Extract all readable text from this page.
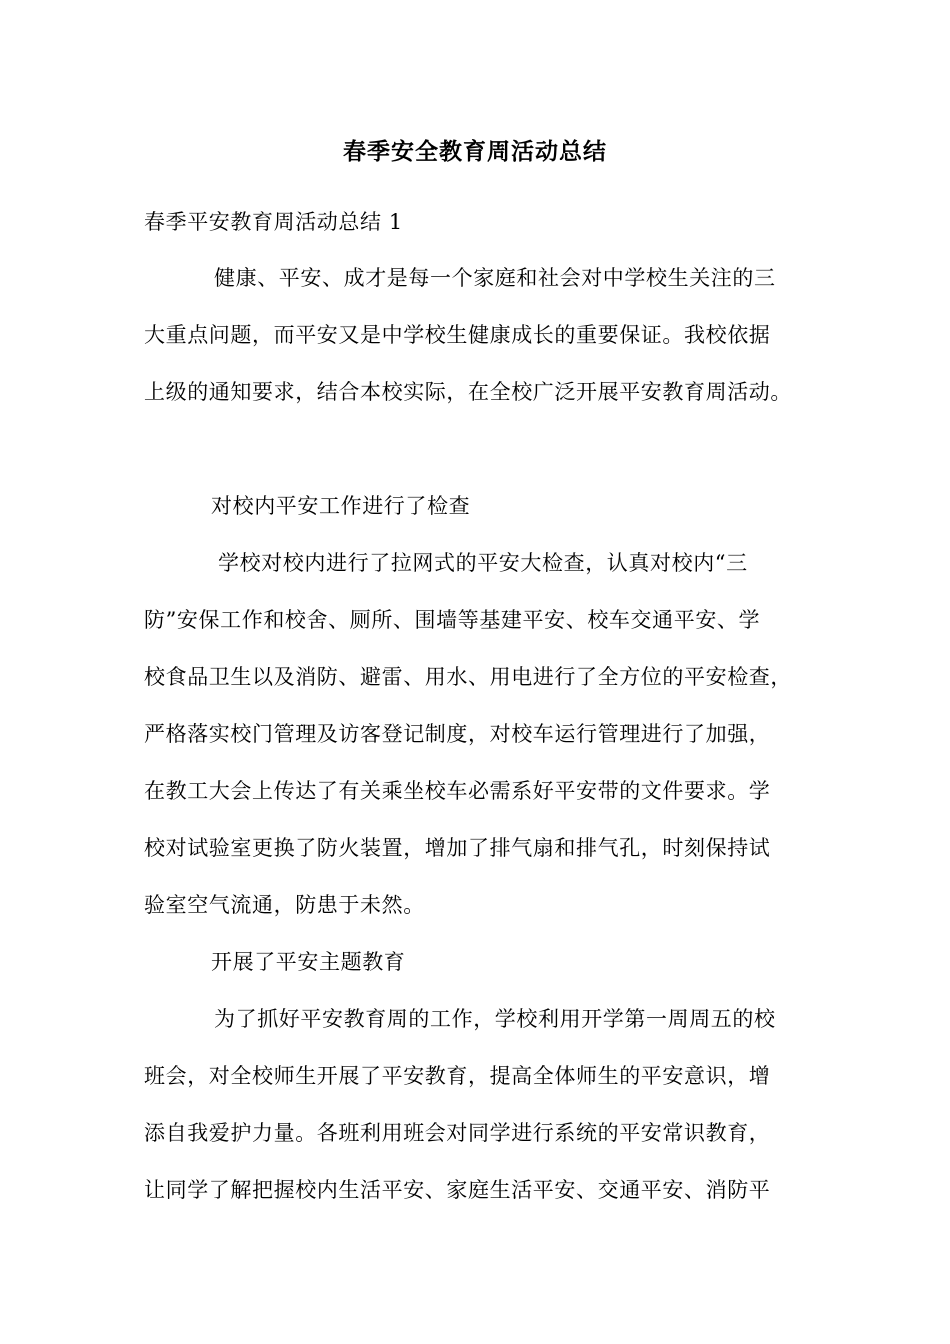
春季安全教育周活动总结
春季平安教育周活动总结 1
健康、平安、成才是每一个家庭和社会对中学校生关注的三
大重点问题，而平安又是中学校生健康成长的重要保证。我校依据
上级的通知要求，结合本校实际，在全校广泛开展平安教育周活动。
对校内平安工作进行了检查
学校对校内进行了拉网式的平安大检查，认真对校内“三
防”安保工作和校舍、厕所、围墙等基建平安、校车交通平安、学
校食品卫生以及消防、避雷、用水、用电进行了全方位的平安检查，
严格落实校门管理及访客登记制度，对校车运行管理进行了加强，
在教工大会上传达了有关乘坐校车必需系好平安带的文件要求。学
校对试验室更换了防火装置，增加了排气扇和排气孔，时刻保持试
验室空气流通，防患于未然。
开展了平安主题教育
为了抓好平安教育周的工作，学校利用开学第一周周五的校
班会，对全校师生开展了平安教育，提高全体师生的平安意识，增
添自我爱护力量。各班利用班会对同学进行系统的平安常识教育，
让同学了解把握校内生活平安、家庭生活平安、交通平安、消防平
